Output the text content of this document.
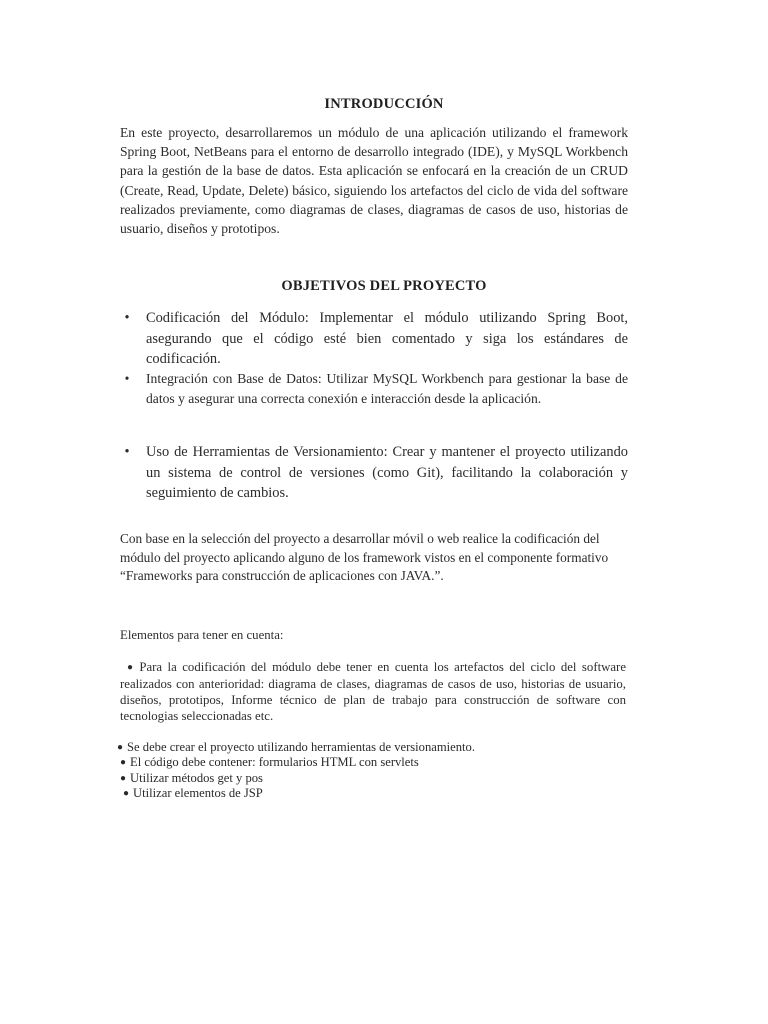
INTRODUCCIÓN
En este proyecto, desarrollaremos un módulo de una aplicación utilizando el framework Spring Boot, NetBeans para el entorno de desarrollo integrado (IDE), y MySQL Workbench para la gestión de la base de datos. Esta aplicación se enfocará en la creación de un CRUD (Create, Read, Update, Delete) básico, siguiendo los artefactos del ciclo de vida del software realizados previamente, como diagramas de clases, diagramas de casos de uso, historias de usuario, diseños y prototipos.
OBJETIVOS DEL PROYECTO
• Codificación del Módulo: Implementar el módulo utilizando Spring Boot, asegurando que el código esté bien comentado y siga los estándares de codificación.
• Integración con Base de Datos: Utilizar MySQL Workbench para gestionar la base de datos y asegurar una correcta conexión e interacción desde la aplicación.
• Uso de Herramientas de Versionamiento: Crear y mantener el proyecto utilizando un sistema de control de versiones (como Git), facilitando la colaboración y seguimiento de cambios.
Con base en la selección del proyecto a desarrollar móvil o web realice la codificación del módulo del proyecto aplicando alguno de los framework vistos en el componente formativo “Frameworks para construcción de aplicaciones con JAVA.”.
Elementos para tener en cuenta:
● Para la codificación del módulo debe tener en cuenta los artefactos del ciclo del software realizados con anterioridad: diagrama de clases, diagramas de casos de uso, historias de usuario, diseños, prototipos, Informe técnico de plan de trabajo para construcción de software con tecnologias seleccionadas etc.
● Se debe crear el proyecto utilizando herramientas de versionamiento.
● El código debe contener: formularios HTML con servlets
● Utilizar métodos get y pos
● Utilizar elementos de JSP
